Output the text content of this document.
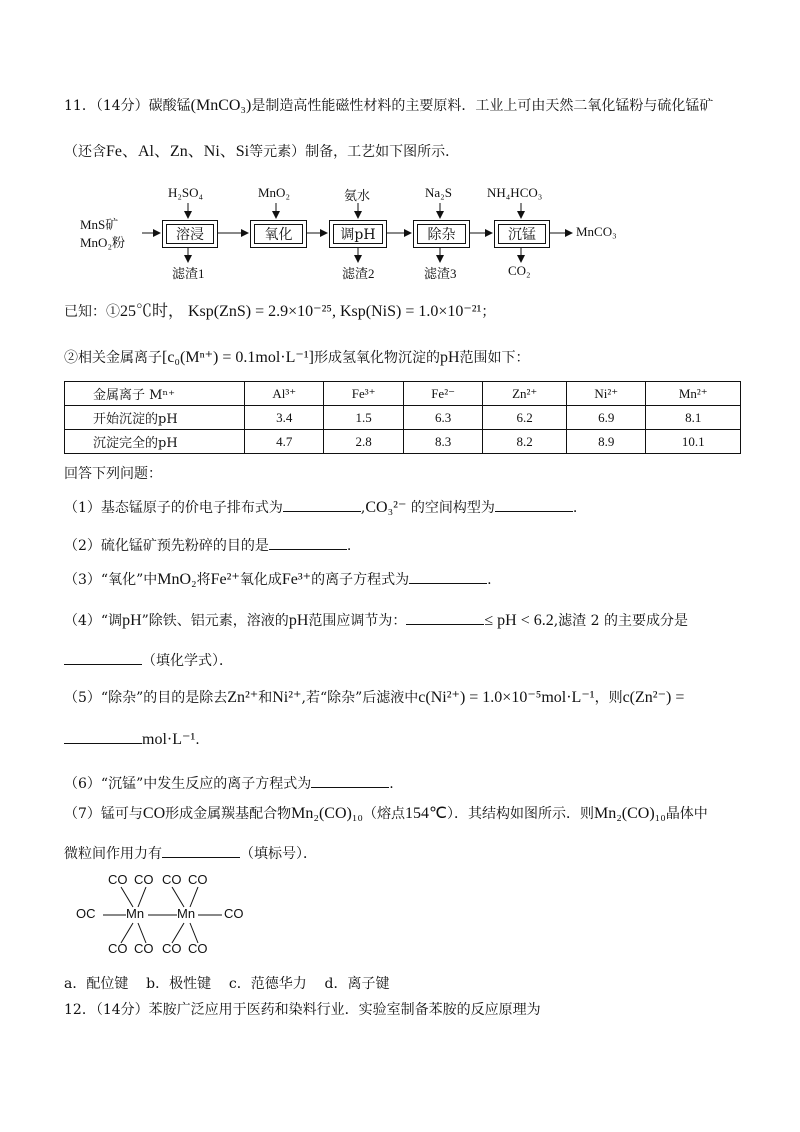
11．（14分）碳酸锰(MnCO₃)是制造高性能磁性材料的主要原料．工业上可由天然二氧化锰粉与硫化锰矿
（还含Fe、Al、Zn、Ni、Si等元素）制备，工艺如下图所示．
MnS矿
MnO₂粉	溶浸	氧化	调pH	除杂	沉锰
H₂SO₄	MnO₂	氨水	Na₂S	NH₄HCO₃
滤渣1	滤渣2	滤渣3	CO₂
MnCO₃
已知：①25℃时， Ksp(ZnS) = 2.9×10⁻²⁵, Ksp(NiS) = 1.0×10⁻²¹；
②相关金属离子[c₀(Mⁿ⁺) = 0.1mol·L⁻¹]形成氢氧化物沉淀的pH范围如下：
金属离子 Mⁿ⁺	Al³⁺	Fe³⁺	Fe²⁻	Zn²⁺	Ni²⁺	Mn²⁺
开始沉淀的pH	3.4	1.5	6.3	6.2	6.9	8.1
沉淀完全的pH	4.7	2.8	8.3	8.2	8.9	10.1
回答下列问题：
（1）基态锰原子的价电子排布式为	,CO₃²⁻ 的空间构型为	.
（2）硫化锰矿预先粉碎的目的是	.
（3）“氧化”中MnO₂将Fe²⁺氧化成Fe³⁺的离子方程式为	.
（4）“调pH”除铁、铝元素，溶液的pH范围应调节为：	≤ pH < 6.2,滤渣 2 的主要成分是
（填化学式）．
（5）“除杂”的目的是除去Zn²⁺和Ni²⁺,若“除杂”后滤液中c(Ni²⁺) = 1.0×10⁻⁵mol·L⁻¹，则c(Zn²⁻) =
mol·L⁻¹.
（6）“沉锰”中发生反应的离子方程式为	.
（7）锰可与CO形成金属羰基配合物Mn₂(CO)₁₀（熔点154℃）．其结构如图所示．则Mn₂(CO)₁₀晶体中
微粒间作用力有	（填标号）．
CO CO CO CO
OC Mn	Mn CO
CO CO CO CO
a．配位键    b．极性键    c．范德华力    d．离子键
12．（14分）苯胺广泛应用于医药和染料行业．实验室制备苯胺的反应原理为
